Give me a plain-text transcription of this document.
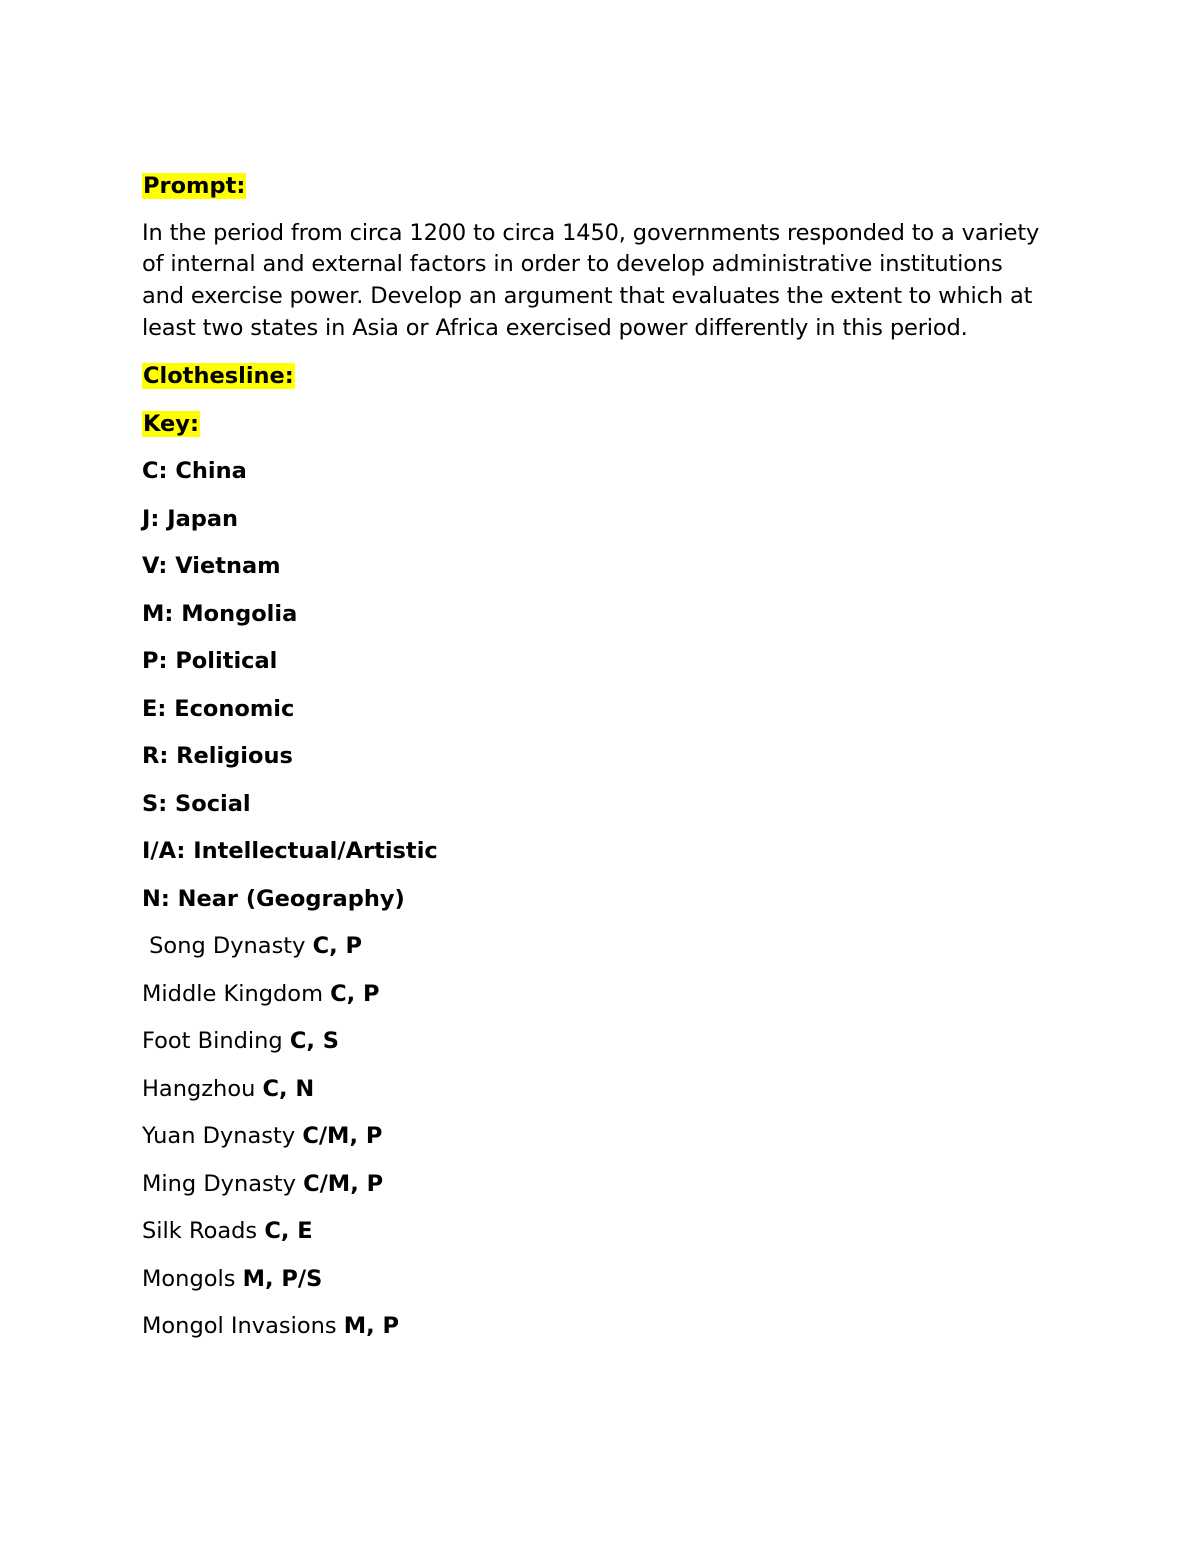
Prompt:

In the period from circa 1200 to circa 1450, governments responded to a variety of internal and external factors in order to develop administrative institutions and exercise power. Develop an argument that evaluates the extent to which at least two states in Asia or Africa exercised power differently in this period.

Clothesline:

Key:

C: China

J: Japan

V: Vietnam

M: Mongolia

P: Political

E: Economic

R: Religious

S: Social

I/A: Intellectual/Artistic

N: Near (Geography)

Song Dynasty C, P

Middle Kingdom C, P

Foot Binding C, S

Hangzhou C, N

Yuan Dynasty C/M, P

Ming Dynasty C/M, P

Silk Roads C, E

Mongols M, P/S

Mongol Invasions M, P
